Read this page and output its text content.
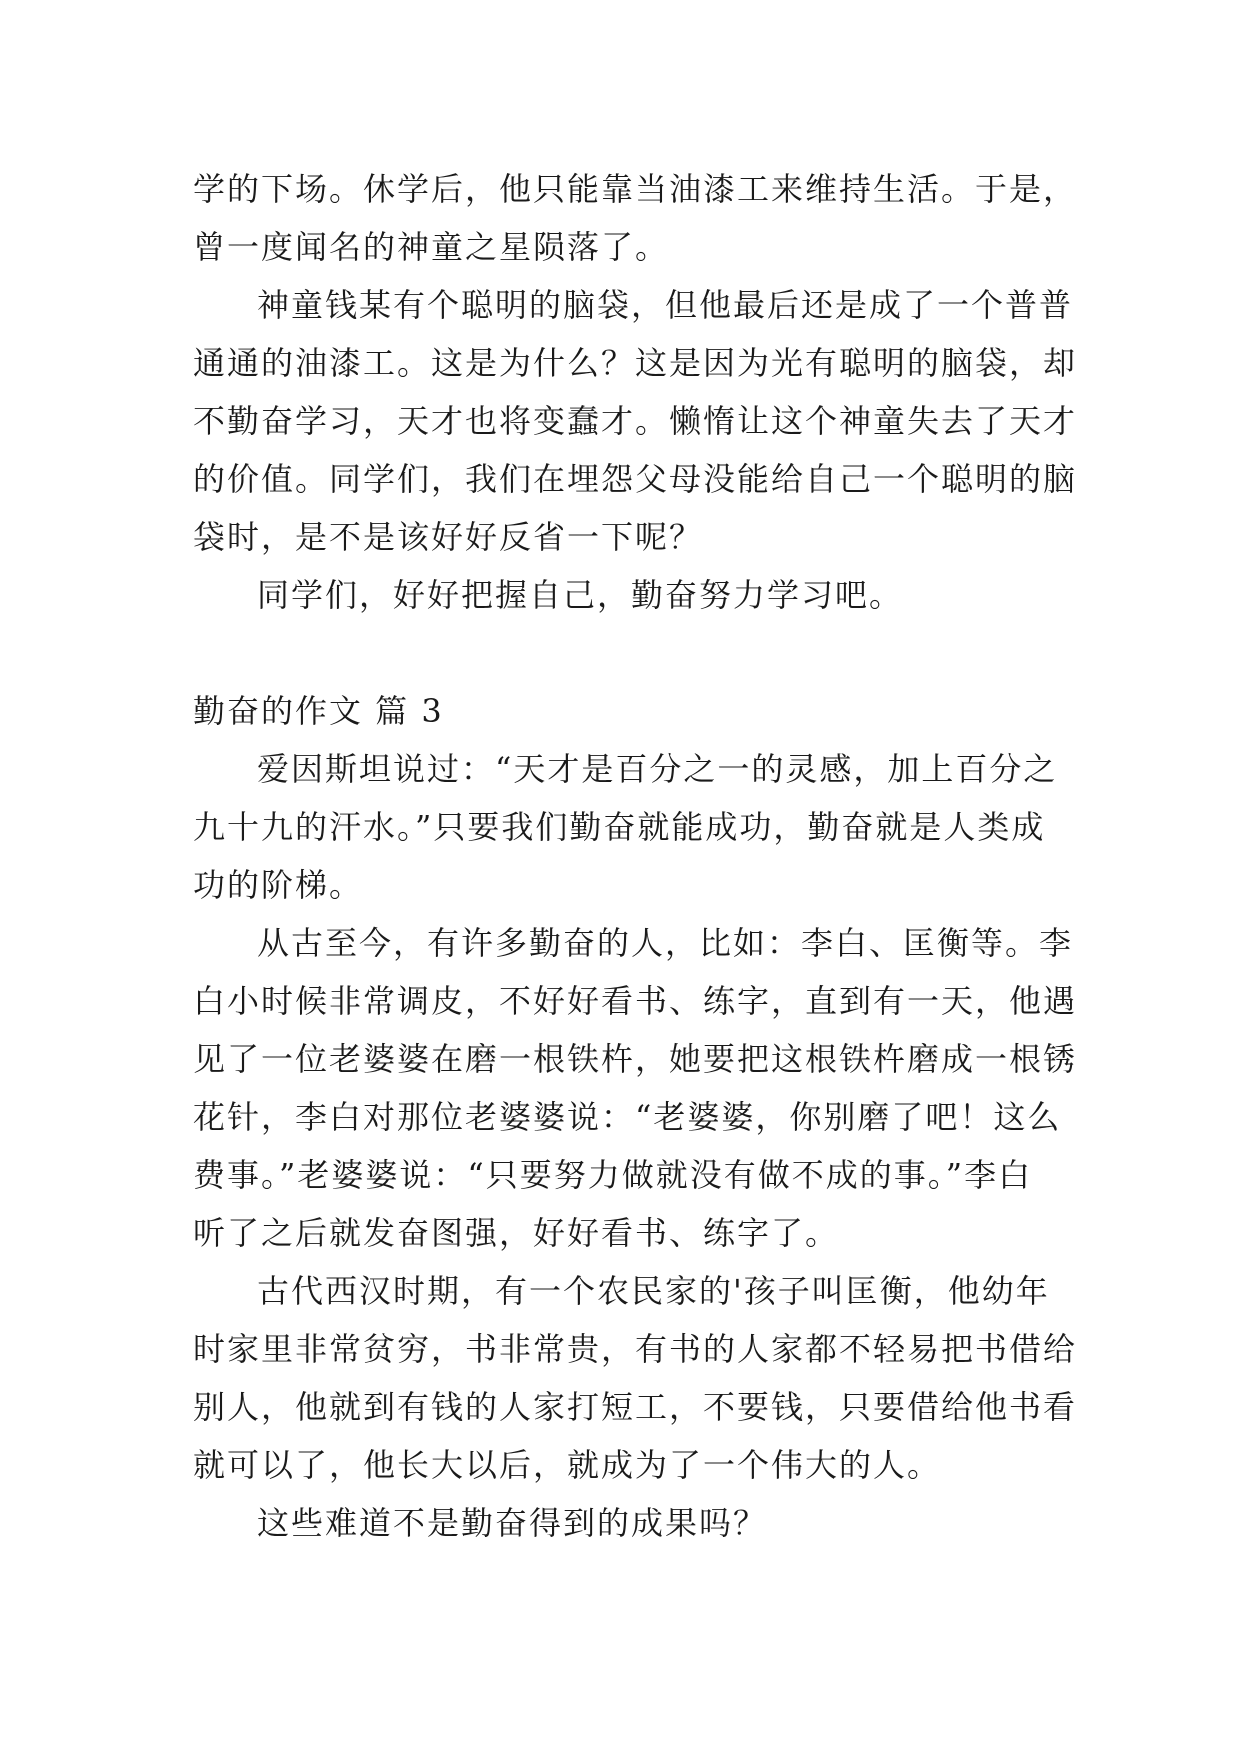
学的下场。休学后，他只能靠当油漆工来维持生活。于是，
曾一度闻名的神童之星陨落了。
神童钱某有个聪明的脑袋，但他最后还是成了一个普普
通通的油漆工。这是为什么？这是因为光有聪明的脑袋，却
不勤奋学习，天才也将变蠢才。懒惰让这个神童失去了天才
的价值。同学们，我们在埋怨父母没能给自己一个聪明的脑
袋时，是不是该好好反省一下呢？
同学们，好好把握自己，勤奋努力学习吧。
勤奋的作文 篇 3
爱因斯坦说过：“天才是百分之一的灵感，加上百分之
九十九的汗水。”只要我们勤奋就能成功，勤奋就是人类成
功的阶梯。
从古至今，有许多勤奋的人，比如：李白、匡衡等。李
白小时候非常调皮，不好好看书、练字，直到有一天，他遇
见了一位老婆婆在磨一根铁杵，她要把这根铁杵磨成一根锈
花针，李白对那位老婆婆说：“老婆婆，你别磨了吧！这么
费事。”老婆婆说：“只要努力做就没有做不成的事。”李白
听了之后就发奋图强，好好看书、练字了。
古代西汉时期，有一个农民家的'孩子叫匡衡，他幼年
时家里非常贫穷，书非常贵，有书的人家都不轻易把书借给
别人，他就到有钱的人家打短工，不要钱，只要借给他书看
就可以了，他长大以后，就成为了一个伟大的人。
这些难道不是勤奋得到的成果吗？
